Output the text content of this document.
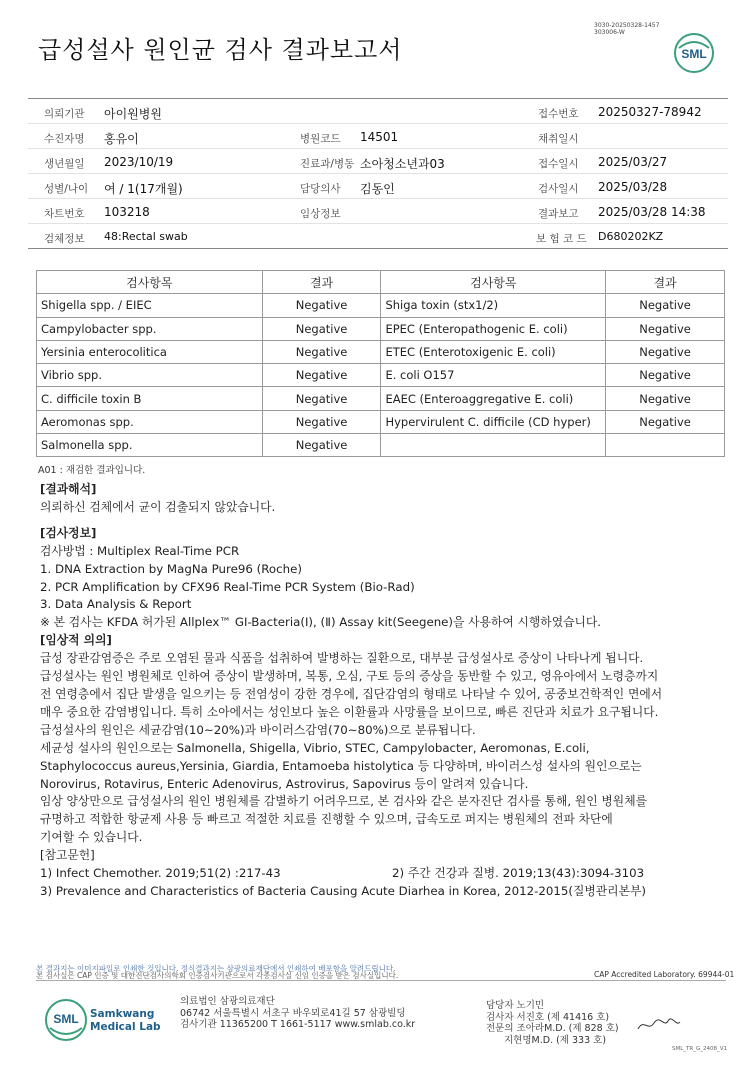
급성설사 원인균 검사 결과보고서
3030-20250328-1457
303006-W
SML
의뢰기관 아이원병원	접수번호 20250327-78942
수진자명 홍유이	병원코드 14501	채취일시
생년월일 2023/10/19	진료과/병동 소아청소년과03	접수일시 2025/03/27
성별/나이 여 / 1(17개월)	담당의사 김동인	검사일시 2025/03/28
차트번호 103218	임상정보	결과보고 2025/03/28 14:38
검체정보 48:Rectal swab	보 험 코 드 D680202KZ
검사항목	결과	검사항목	결과
Shigella spp. / EIEC	Negative	Shiga toxin (stx1/2)	Negative
Campylobacter spp.	Negative	EPEC (Enteropathogenic E. coli)	Negative
Yersinia enterocolitica	Negative	ETEC (Enterotoxigenic E. coli)	Negative
Vibrio spp.	Negative	E. coli O157	Negative
C. difficile toxin B	Negative	EAEC (Enteroaggregative E. coli)	Negative
Aeromonas spp.	Negative	Hypervirulent C. difficile (CD hyper)	Negative
Salmonella spp.	Negative		
A01 : 재검한 결과입니다.
[결과해석]
의뢰하신 검체에서 균이 검출되지 않았습니다.
[검사정보]
검사방법 : Multiplex Real-Time PCR
1. DNA Extraction by MagNa Pure96 (Roche)
2. PCR Amplification by CFX96 Real-Time PCR System (Bio-Rad)
3. Data Analysis & Report
※ 본 검사는 KFDA 허가된 Allplex™ GI-Bacteria(Ⅰ), (Ⅱ) Assay kit(Seegene)을 사용하여 시행하였습니다.
[임상적 의의]
급성 장관감염증은 주로 오염된 물과 식품을 섭취하여 발병하는 질환으로, 대부분 급성설사로 증상이 나타나게 됩니다.
급성설사는 원인 병원체로 인하여 증상이 발생하며, 복통, 오심, 구토 등의 증상을 동반할 수 있고, 영유아에서 노령층까지
전 연령층에서 집단 발생을 일으키는 등 전염성이 강한 경우에, 집단감염의 형태로 나타날 수 있어, 공중보건학적인 면에서
매우 중요한 감염병입니다. 특히 소아에서는 성인보다 높은 이환률과 사망률을 보이므로, 빠른 진단과 치료가 요구됩니다.
급성설사의 원인은 세균감염(10~20%)과 바이러스감염(70~80%)으로 분류됩니다.
세균성 설사의 원인으로는 Salmonella, Shigella, Vibrio, STEC, Campylobacter, Aeromonas, E.coli,
Staphylococcus aureus,Yersinia, Giardia, Entamoeba histolytica 등 다양하며, 바이러스성 설사의 원인으로는
Norovirus, Rotavirus, Enteric Adenovirus, Astrovirus, Sapovirus 등이 알려져 있습니다.
임상 양상만으로 급성설사의 원인 병원체를 감별하기 어려우므로, 본 검사와 같은 분자진단 검사를 통해, 원인 병원체를
규명하고 적합한 항균제 사용 등 빠르고 적절한 치료를 진행할 수 있으며, 급속도로 퍼지는 병원체의 전파 차단에
기여할 수 있습니다.
[참고문헌]
1) Infect Chemother. 2019;51(2) :217-43	2) 주간 건강과 질병. 2019;13(43):3094-3103
3) Prevalence and Characteristics of Bacteria Causing Acute Diarhea in Korea, 2012-2015(질병관리본부)
본 결과지는 이미지파일로 인쇄한 것입니다. 정식결과지는 삼광의료재단에서 인쇄하여 배포함을 알려드립니다.
본 검사실은 CAP 인증 및 대한진단검사의학회 인증검사기관으로서 각종검사실 신임 인증을 받은 검사실입니다.	CAP Accredited Laboratory. 69944-01
SML Samkwang
Medical Lab
의료법인 삼광의료재단
06742 서울특별시 서초구 바우뫼로41길 57 삼광빌딩
검사기관 11365200 T 1661-5117 www.smlab.co.kr
담당자 노기민
검사자 서진호 (제 41416 호)
전문의 조아라M.D. (제 828 호)
지현명M.D. (제 333 호)
SML_TR_G_2408_V1
